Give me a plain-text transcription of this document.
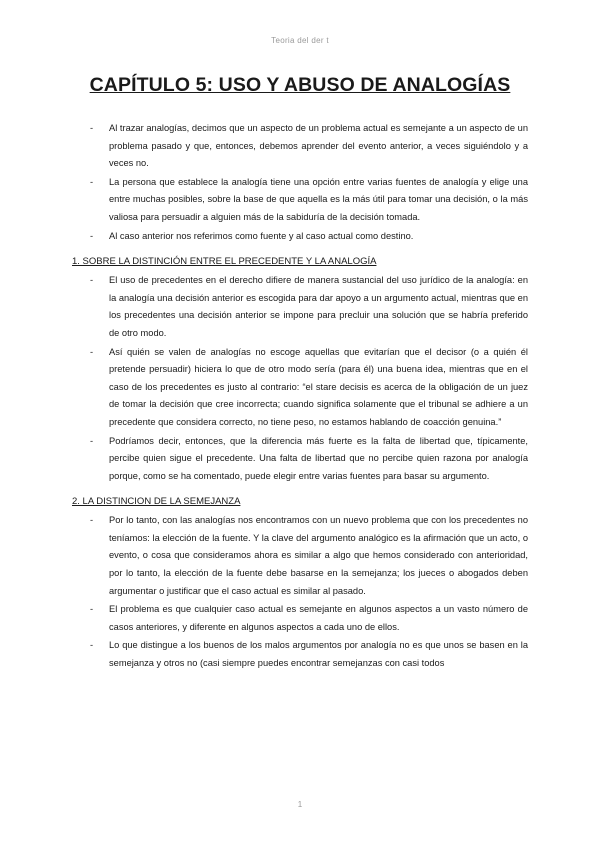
Teoria del der t
CAPÍTULO 5: USO Y ABUSO DE ANALOGÍAS
- Al trazar analogías, decimos que un aspecto de un problema actual es semejante a un aspecto de un problema pasado y que, entonces, debemos aprender del evento anterior, a veces siguiéndolo y a veces no.
- La persona que establece la analogía tiene una opción entre varias fuentes de analogía y elige una entre muchas posibles, sobre la base de que aquella es la más útil para tomar una decisión, o la más valiosa para persuadir a alguien más de la sabiduría de la decisión tomada.
- Al caso anterior nos referimos como fuente y al caso actual como destino.
1. SOBRE LA DISTINCIÓN ENTRE EL PRECEDENTE Y LA ANALOGÍA
- El uso de precedentes en el derecho difiere de manera sustancial del uso jurídico de la analogía: en la analogía una decisión anterior es escogida para dar apoyo a un argumento actual, mientras que en los precedentes una decisión anterior se impone para precluir una solución que se habría preferido de otro modo.
- Así quién se valen de analogías no escoge aquellas que evitarían que el decisor (o a quién él pretende persuadir) hiciera lo que de otro modo sería (para él) una buena idea, mientras que en el caso de los precedentes es justo al contrario: “el stare decisis es acerca de la obligación de un juez de tomar la decisión que cree incorrecta; cuando significa solamente que el tribunal se adhiere a un precedente que considera correcto, no tiene peso, no estamos hablando de coacción genuina.”
- Podríamos decir, entonces, que la diferencia más fuerte es la falta de libertad que, típicamente, percibe quien sigue el precedente. Una falta de libertad que no percibe quien razona por analogía porque, como se ha comentado, puede elegir entre varias fuentes para basar su argumento.
2. LA DISTINCION DE LA SEMEJANZA
- Por lo tanto, con las analogías nos encontramos con un nuevo problema que con los precedentes no teníamos: la elección de la fuente. Y la clave del argumento analógico es la afirmación que un acto, o evento, o cosa que consideramos ahora es similar a algo que hemos considerado con anterioridad, por lo tanto, la elección de la fuente debe basarse en la semejanza; los jueces o abogados deben argumentar o justificar que el caso actual es similar al pasado.
- El problema es que cualquier caso actual es semejante en algunos aspectos a un vasto número de casos anteriores, y diferente en algunos aspectos a cada uno de ellos.
- Lo que distingue a los buenos de los malos argumentos por analogía no es que unos se basen en la semejanza y otros no (casi siempre puedes encontrar semejanzas con casi todos
1
